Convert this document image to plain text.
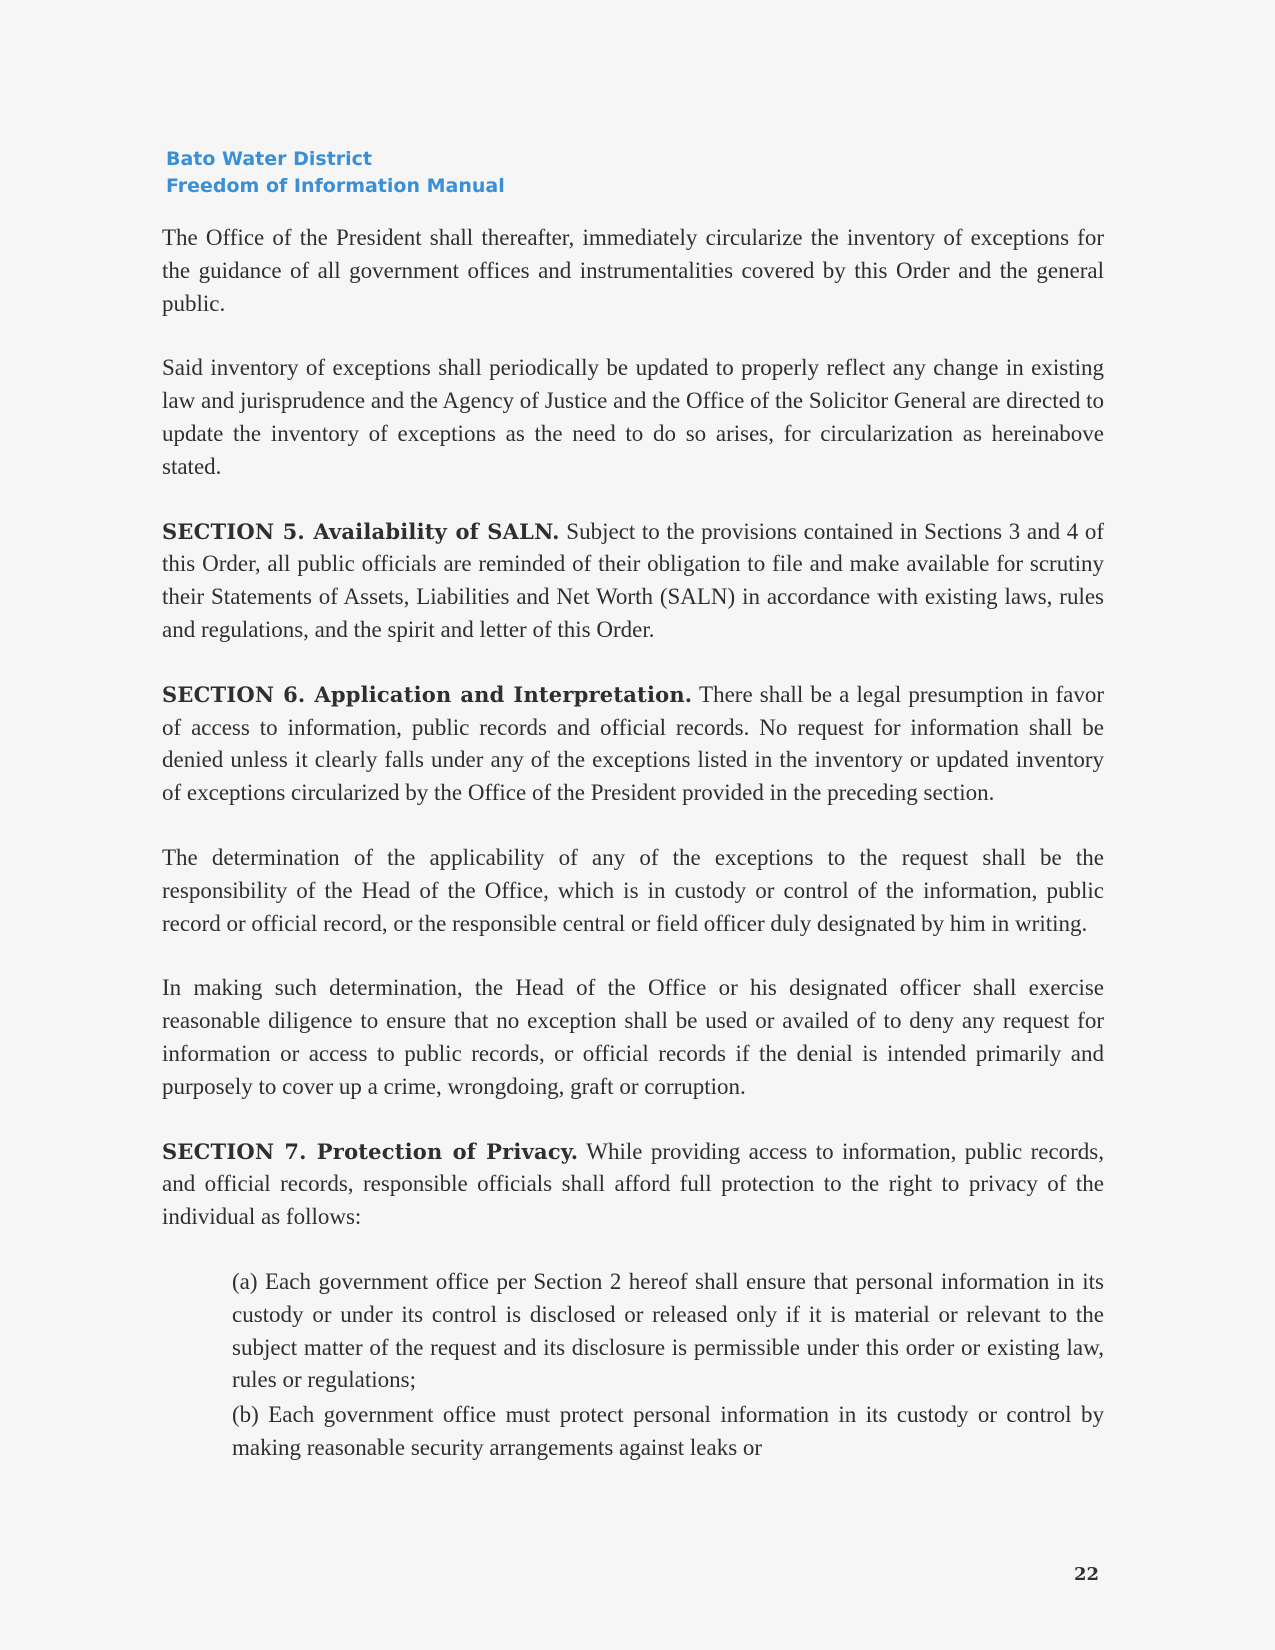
Bato Water District
Freedom of Information Manual

The Office of the President shall thereafter, immediately circularize the inventory of exceptions for the guidance of all government offices and instrumentalities covered by this Order and the general public.

Said inventory of exceptions shall periodically be updated to properly reflect any change in existing law and jurisprudence and the Agency of Justice and the Office of the Solicitor General are directed to update the inventory of exceptions as the need to do so arises, for circularization as hereinabove stated.

SECTION 5. Availability of SALN. Subject to the provisions contained in Sections 3 and 4 of this Order, all public officials are reminded of their obligation to file and make available for scrutiny their Statements of Assets, Liabilities and Net Worth (SALN) in accordance with existing laws, rules and regulations, and the spirit and letter of this Order.

SECTION 6. Application and Interpretation. There shall be a legal presumption in favor of access to information, public records and official records. No request for information shall be denied unless it clearly falls under any of the exceptions listed in the inventory or updated inventory of exceptions circularized by the Office of the President provided in the preceding section.

The determination of the applicability of any of the exceptions to the request shall be the responsibility of the Head of the Office, which is in custody or control of the information, public record or official record, or the responsible central or field officer duly designated by him in writing.

In making such determination, the Head of the Office or his designated officer shall exercise reasonable diligence to ensure that no exception shall be used or availed of to deny any request for information or access to public records, or official records if the denial is intended primarily and purposely to cover up a crime, wrongdoing, graft or corruption.

SECTION 7. Protection of Privacy. While providing access to information, public records, and official records, responsible officials shall afford full protection to the right to privacy of the individual as follows:

(a) Each government office per Section 2 hereof shall ensure that personal information in its custody or under its control is disclosed or released only if it is material or relevant to the subject matter of the request and its disclosure is permissible under this order or existing law, rules or regulations;

(b) Each government office must protect personal information in its custody or control by making reasonable security arrangements against leaks or

22
